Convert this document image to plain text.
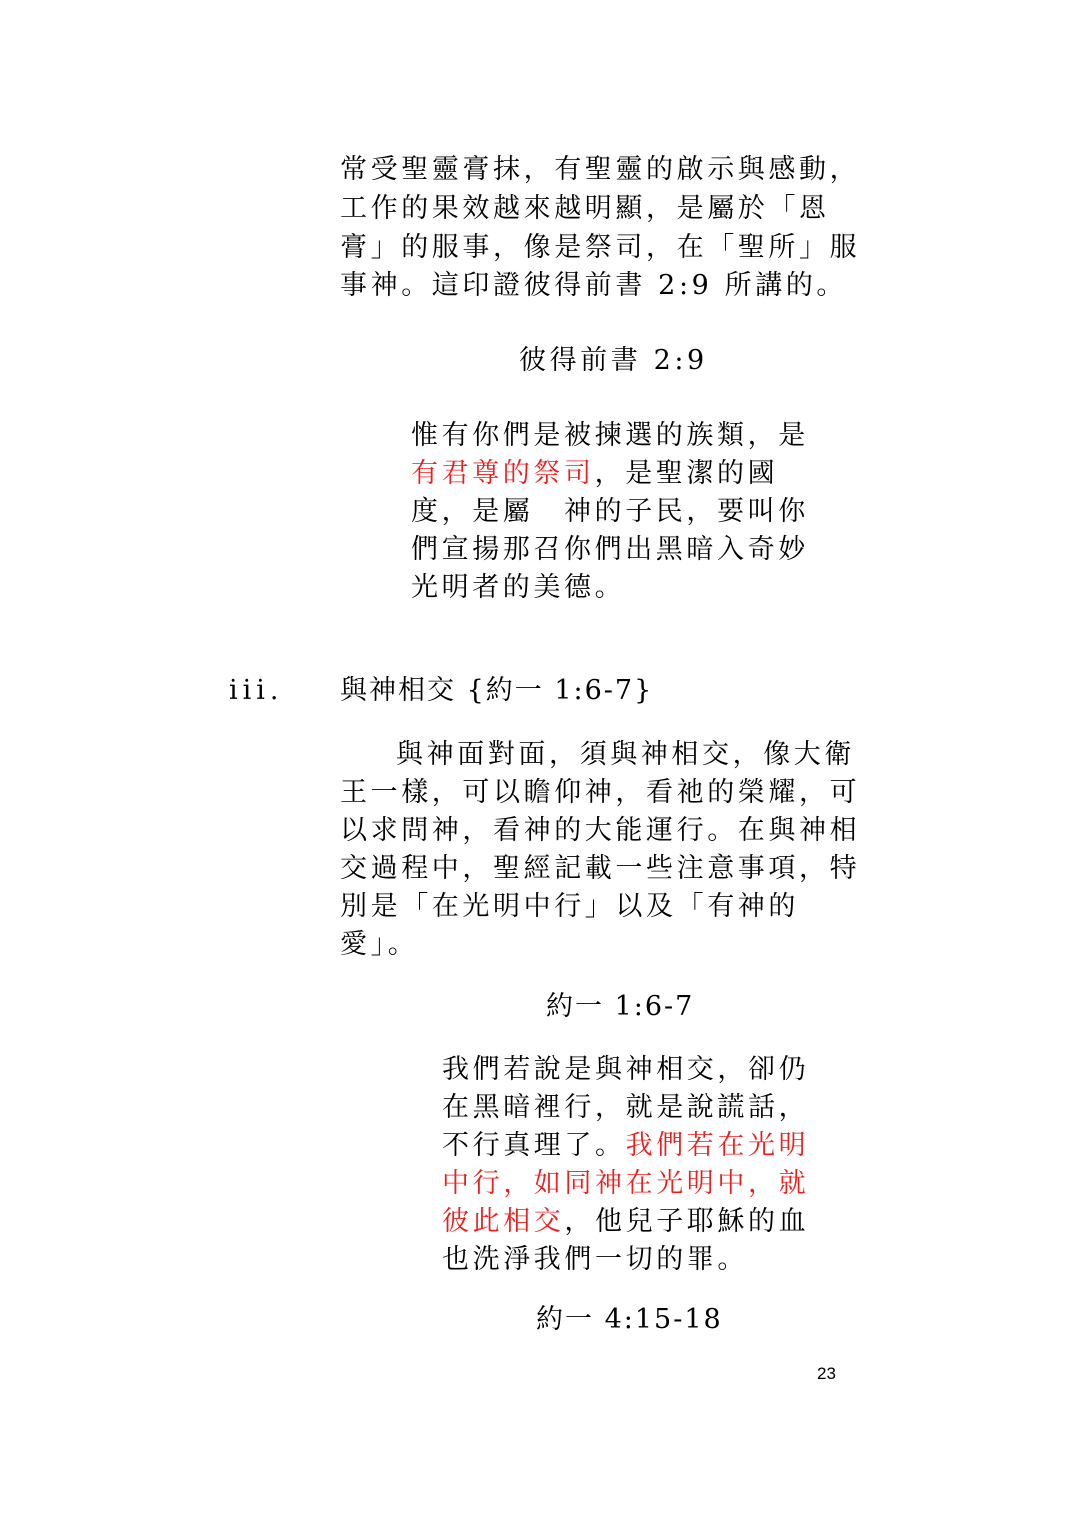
常受聖靈膏抹，有聖靈的啟示與感動，
工作的果效越來越明顯，是屬於「恩
膏」的服事，像是祭司，在「聖所」服
事神。這印證彼得前書 2:9 所講的。
彼得前書 2:9
惟有你們是被揀選的族類，是
有君尊的祭司，是聖潔的國
度，是屬　神的子民，要叫你
們宣揚那召你們出黑暗入奇妙
光明者的美德。
iii. 與神相交 {約一 1:6-7}
與神面對面，須與神相交，像大衛
王一樣，可以瞻仰神，看祂的榮耀，可
以求問神，看神的大能運行。在與神相
交過程中，聖經記載一些注意事項，特
別是「在光明中行」以及「有神的
愛」。
約一 1:6-7
我們若說是與神相交，卻仍
在黑暗裡行，就是說謊話，
不行真理了。我們若在光明
中行，如同神在光明中，就
彼此相交，他兒子耶穌的血
也洗淨我們一切的罪。
約一 4:15-18
23
